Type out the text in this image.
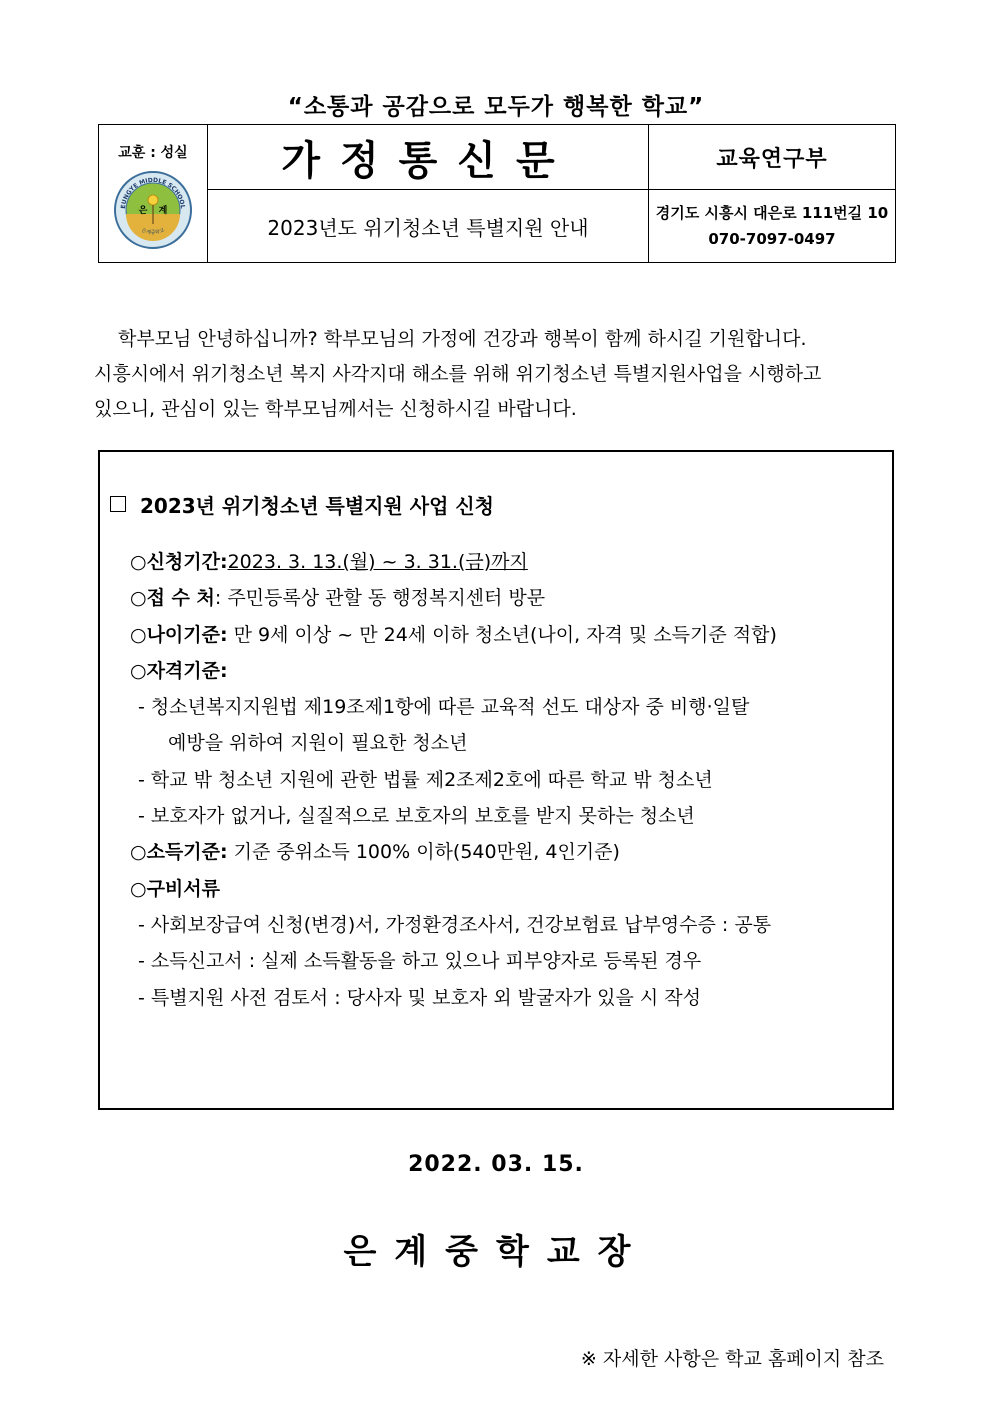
“소통과 공감으로 모두가 행복한 학교”
교훈 : 성실
EUNGYE MIDDLE SCHOOL
은계중학교
은 계	가정통신문	교육연구부
	2023년도 위기청소년 특별지원 안내	경기도 시흥시 대은로 111번길 10
070-7097-0497

학부모님 안녕하십니까? 학부모님의 가정에 건강과 행복이 함께 하시길 기원합니다.

시흥시에서 위기청소년 복지 사각지대 해소를 위해 위기청소년 특별지원사업을 시행하고

있으니, 관심이 있는 학부모님께서는 신청하시길 바랍니다.

2023년 위기청소년 특별지원 사업 신청
○신청기간:2023. 3. 13.(월) ~ 3. 31.(금)까지
○접 수 처: 주민등록상 관할 동 행정복지센터 방문
○나이기준: 만 9세 이상 ~ 만 24세 이하 청소년(나이, 자격 및 소득기준 적합)
○자격기준:
- 청소년복지지원법 제19조제1항에 따른 교육적 선도 대상자 중 비행·일탈
예방을 위하여 지원이 필요한 청소년
- 학교 밖 청소년 지원에 관한 법률 제2조제2호에 따른 학교 밖 청소년
- 보호자가 없거나, 실질적으로 보호자의 보호를 받지 못하는 청소년
○소득기준: 기준 중위소득 100% 이하(540만원, 4인기준)
○구비서류
- 사회보장급여 신청(변경)서, 가정환경조사서, 건강보험료 납부영수증 : 공통
- 소득신고서 : 실제 소득활동을 하고 있으나 피부양자로 등록된 경우
- 특별지원 사전 검토서 : 당사자 및 보호자 외 발굴자가 있을 시 작성
※ 자세한 사항은 학교 홈페이지 참조
2022. 03. 15.
은계중학교장
